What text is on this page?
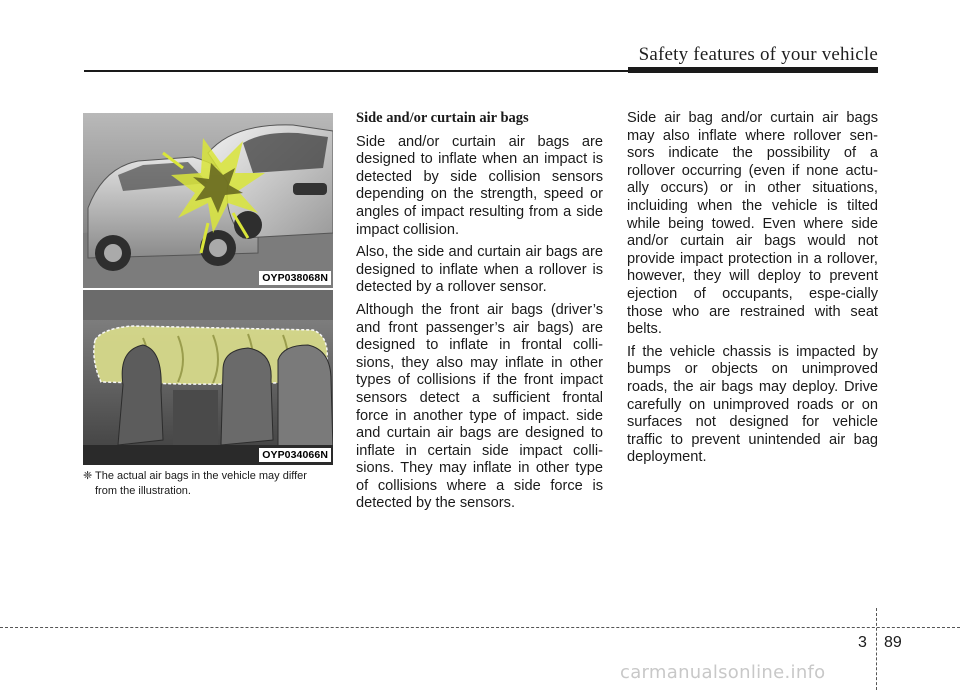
Safety features of your vehicle
OYP038068N
OYP034066N
❈ The actual air bags in the vehicle may differ
from the illustration.
Side and/or curtain air bags

Side and/or curtain air bags are designed to inflate when an impact is detected by side collision sensors depending on the strength, speed or angles of impact resulting from a side impact collision.

Also, the side and curtain air bags are designed to inflate when a rollover is detected by a rollover sensor.

Although the front air bags (driver’s and front passenger’s air bags) are designed to inflate in frontal colli-sions, they also may inflate in other types of collisions if the front impact sensors detect a sufficient frontal force in another type of impact. side and curtain air bags are designed to inflate in certain side impact colli-sions. They may inflate in other type of collisions where a side force is detected by the sensors.

Side air bag and/or curtain air bags may also inflate where rollover sen-sors indicate the possibility of a rollover occurring (even if none actu-ally occurs) or in other situations, incluiding when the vehicle is tilted while being towed. Even where side and/or curtain air bags would not provide impact protection in a rollover, however, they will deploy to prevent ejection of occupants, espe-cially those who are restrained with seat belts.

If the vehicle chassis is impacted by bumps or objects on unimproved roads, the air bags may deploy. Drive carefully on unimproved roads or on surfaces not designed for vehicle traffic to prevent unintended air bag deployment.

3 89
carmanualsonline.info
